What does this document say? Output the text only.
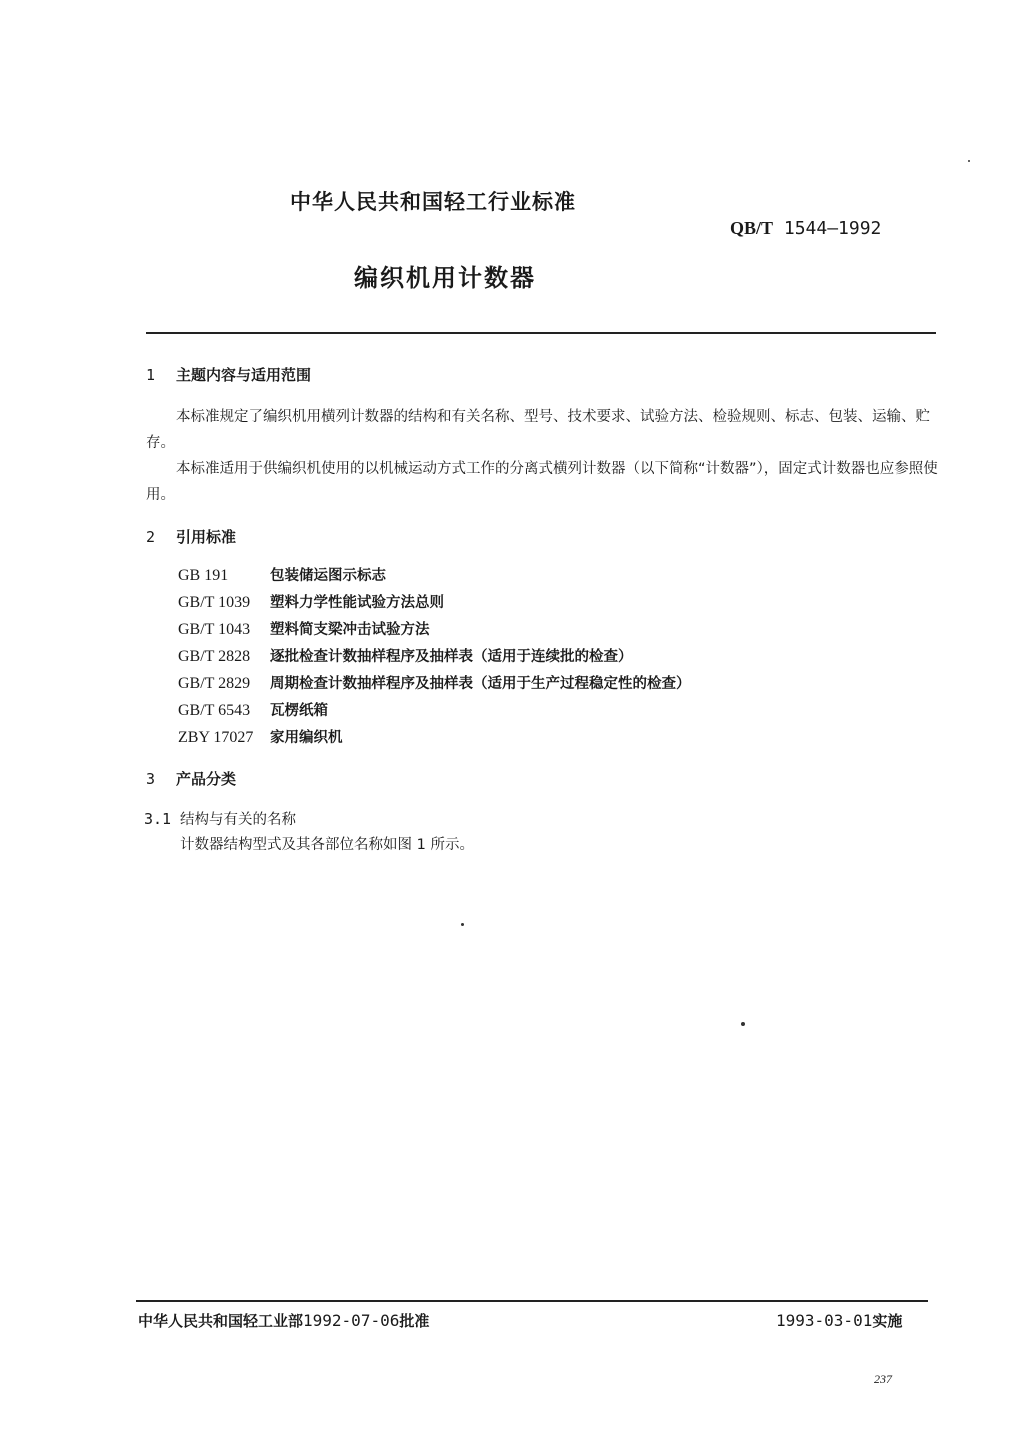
中华人民共和国轻工行业标准
QB/T 1544—1992
编织机用计数器
1 主题内容与适用范围
本标准规定了编织机用横列计数器的结构和有关名称、型号、技术要求、试验方法、检验规则、标志、包装、运输、贮存。
本标准适用于供编织机使用的以机械运动方式工作的分离式横列计数器（以下简称“计数器”），固定式计数器也应参照使用。
2 引用标准
GB 191	包装储运图示标志
GB/T 1039 塑料力学性能试验方法总则
GB/T 1043 塑料简支梁冲击试验方法
GB/T 2828 逐批检查计数抽样程序及抽样表（适用于连续批的检查）
GB/T 2829 周期检查计数抽样程序及抽样表（适用于生产过程稳定性的检查）
GB/T 6543 瓦楞纸箱
ZBY 17027 家用编织机
3 产品分类
3.1 结构与有关的名称
计数器结构型式及其各部位名称如图 1 所示。
中华人民共和国轻工业部1992-07-06批准	1993-03-01实施
237
